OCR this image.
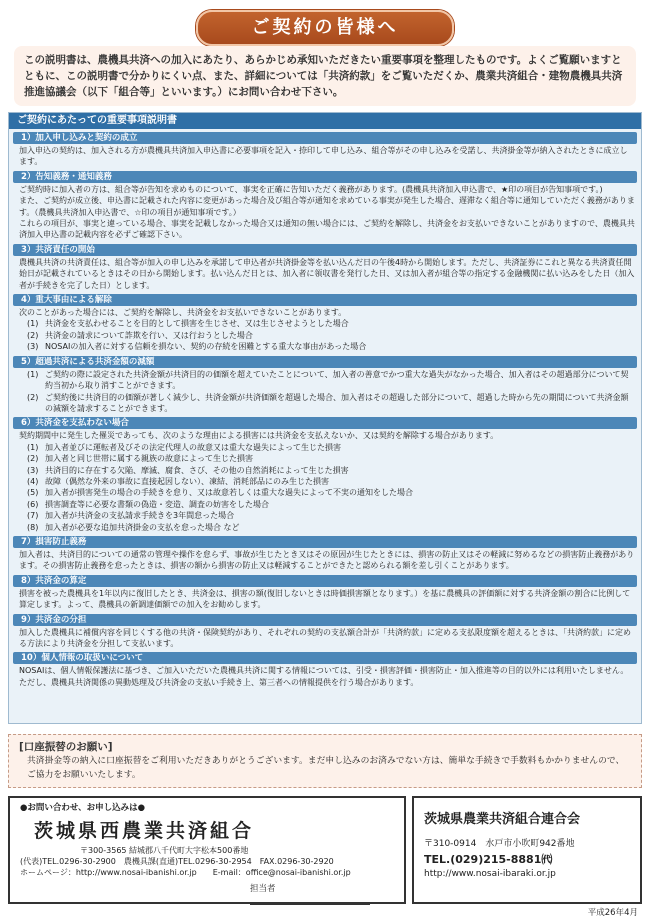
ご契約の皆様へ
この説明書は、農機具共済への加入にあたり、あらかじめ承知いただきたい重要事項を整理したものです。よくご覧願いますとともに、この説明書で分かりにくい点、また、詳細については「共済約款」をご覧いただくか、農業共済組合・建物農機具共済推進協議会（以下「組合等」といいます。）にお問い合わせ下さい。
ご契約にあたっての重要事項説明書
1）加入申し込みと契約の成立

加入申込の契約は、加入される方が農機具共済加入申込書に必要事項を記入・捺印して申し込み、組合等がその申し込みを受諾し、共済掛金等が納入されたときに成立します。

2）告知義務・通知義務

ご契約時に加入者の方は、組合等が告知を求めものについて、事実を正確に告知いただく義務があります。(農機具共済加入申込書で、★印の項目が告知事項です。)

また、ご契約が成立後、申込書に記載された内容に変更があった場合及び組合等が通知を求めている事実が発生した場合、遅滞なく組合等に通知していただく義務があります。（農機具共済加入申込書で、☆印の項目が通知事項です。）

これらの項目が、事実と違っている場合、事実を記載しなかった場合又は通知の無い場合には、ご契約を解除し、共済金をお支払いできないことがありますので、農機具共済加入申込書の記載内容を必ずご確認下さい。

3）共済責任の開始

農機具共済の共済責任は、組合等が加入の申し込みを承諾して申込者が共済掛金等を払い込んだ日の午後4時から開始します。ただし、共済証券にこれと異なる共済責任開始日が記載されているときはその日から開始します。払い込んだ日とは、加入者に領収書を発行した日、又は加入者が組合等の指定する金融機関に払い込みをした日（加入者が手続きを完了した日）とします。

4）重大事由による解除

次のことがあった場合には、ご契約を解除し、共済金をお支払いできないことがあります。

(1) 共済金を支払わせることを目的として損害を生じさせ、又は生じさせようとした場合
(2) 共済金の請求について詐欺を行い、又は行おうとした場合
(3) NOSAIの加入者に対する信頼を損ない、契約の存続を困難とする重大な事由があった場合
5）超過共済による共済金額の減額
(1) ご契約の際に設定された共済金額が共済目的の価額を超えていたことについて、加入者の善意でかつ重大な過失がなかった場合、加入者はその超過部分について契約当初から取り消すことができます。
(2) ご契約後に共済目的の価額が著しく減少し、共済金額が共済価額を超過した場合、加入者はその超過した部分について、超過した時から先の期間について共済金額の減額を請求することができます。
6）共済金を支払わない場合

契約期間中に発生した罹災であっても、次のような理由による損害には共済金を支払えないか、又は契約を解除する場合があります。

(1) 加入者並びに運転者及びその法定代理人の故意又は重大な過失によって生じた損害
(2) 加入者と同じ世帯に属する親族の故意によって生じた損害
(3) 共済目的に存在する欠陥、摩滅、腐食、さび、その他の自然消耗によって生じた損害
(4) 故障（偶然な外来の事故に直接起因しない）、凍結、消耗部品にのみ生じた損害
(5) 加入者が損害発生の場合の手続きを怠り、又は故意若しくは重大な過失によって不実の通知をした場合
(6) 損害調査等に必要な書類の偽造・変造、調査の妨害をした場合
(7) 加入者が共済金の支払請求手続きを3年間怠った場合
(8) 加入者が必要な追加共済掛金の支払を怠った場合 など
7）損害防止義務

加入者は、共済目的についての通常の管理や操作を怠らず、事故が生じたとき又はその原因が生じたときには、損害の防止又はその軽減に努めるなどの損害防止義務があります。その損害防止義務を怠ったときは、損害の額から損害の防止又は軽減することができたと認められる額を差し引くことがあります。

8）共済金の算定

損害を被った農機具を1年以内に復旧したとき、共済金は、損害の額(復旧しないときは時価損害額となります。）を基に農機具の評価額に対する共済金額の割合に比例して算定します。よって、農機具の新調達価額での加入をお勧めします。

9）共済金の分担

加入した農機具に補償内容を同じくする他の共済・保険契約があり、それぞれの契約の支払額合計が「共済約款」に定める支払限度額を超えるときは、「共済約款」に定める方法により共済金を分担して支払います。

10）個人情報の取扱いについて

NOSAIは、個人情報保護法に基づき、ご加入いただいた農機具共済に関する情報については、引受・損害評価・損害防止・加入推進等の目的以外には利用いたしません。ただし、農機具共済関係の異動処理及び共済金の支払い手続き上、第三者への情報提供を行う場合があります。

[口座振替のお願い]
共済掛金等の納入に口座振替をご利用いただきありがとうございます。まだ申し込みのお済みでない方は、簡単な手続きで手数料もかかりませんので、ご協力をお願いいたします。
●お問い合わせ、お申し込みは●
茨城県西農業共済組合
〒300-3565 結城郡八千代町大字松本500番地
(代表)TEL.0296-30-2900　農機具課(直通)TEL.0296-30-2954　FAX.0296-30-2920
ホームページ：http://www.nosai-ibanishi.or.jp　　E-mail：office@nosai-ibanishi.or.jp
担当者
茨城県農業共済組合連合会
〒310-0914　水戸市小吹町942番地
TEL.(029)215-8881㈹
http://www.nosai-ibaraki.or.jp
平成26年4月
